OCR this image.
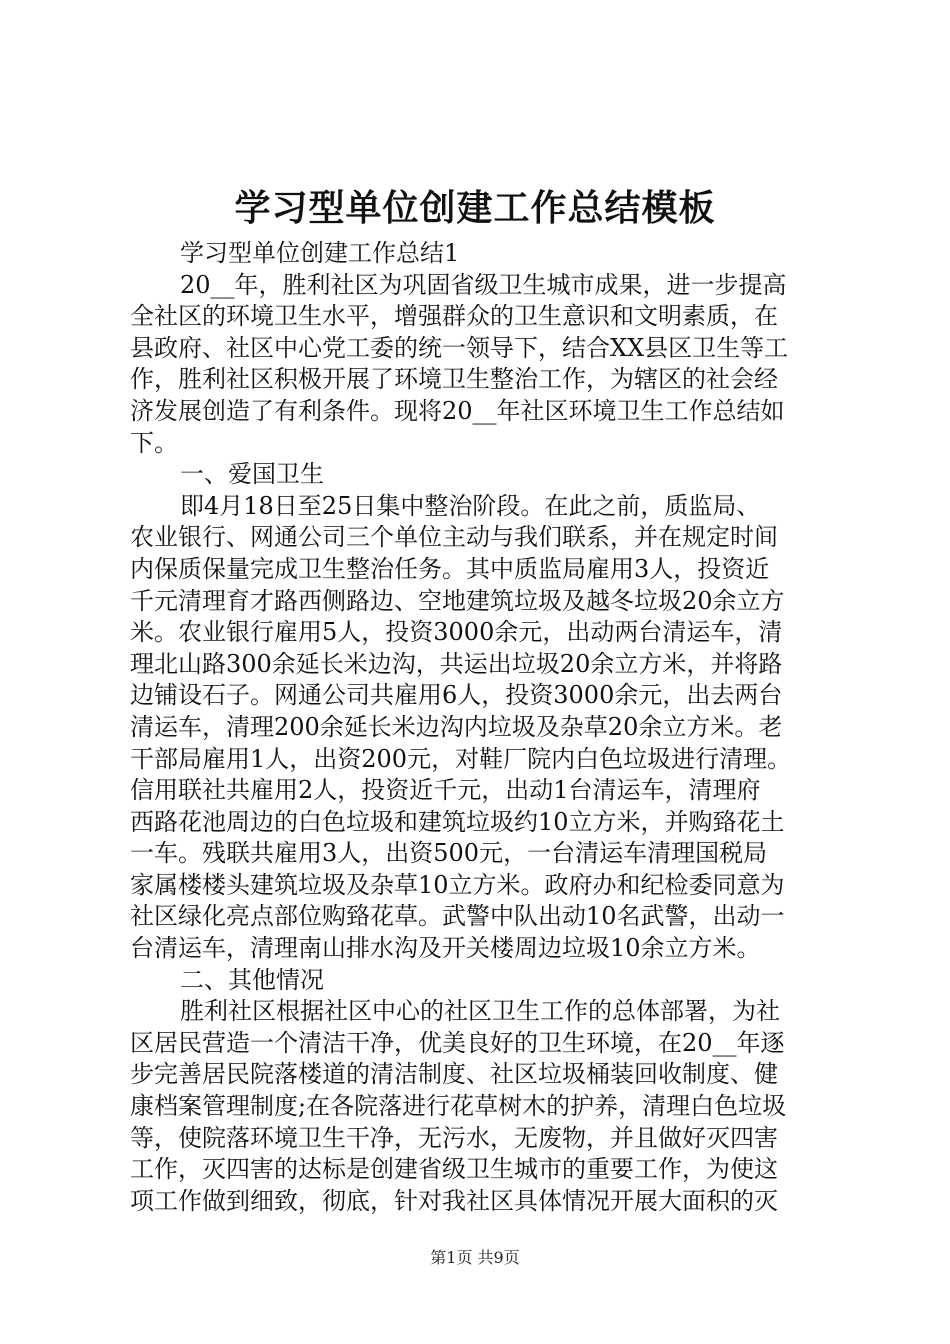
学习型单位创建工作总结模板
学习型单位创建工作总结1
20__年，胜利社区为巩固省级卫生城市成果，进一步提高
全社区的环境卫生水平，增强群众的卫生意识和文明素质，在
县政府、社区中心党工委的统一领导下，结合XX县区卫生等工
作，胜利社区积极开展了环境卫生整治工作，为辖区的社会经
济发展创造了有利条件。现将20__年社区环境卫生工作总结如
下。
一、爱国卫生
即4月18日至25日集中整治阶段。在此之前，质监局、
农业银行、网通公司三个单位主动与我们联系，并在规定时间
内保质保量完成卫生整治任务。其中质监局雇用3人，投资近
千元清理育才路西侧路边、空地建筑垃圾及越冬垃圾20余立方
米。农业银行雇用5人，投资3000余元，出动两台清运车，清
理北山路300余延长米边沟，共运出垃圾20余立方米，并将路
边铺设石子。网通公司共雇用6人，投资3000余元，出去两台
清运车，清理200余延长米边沟内垃圾及杂草20余立方米。老
干部局雇用1人，出资200元，对鞋厂院内白色垃圾进行清理。
信用联社共雇用2人，投资近千元，出动1台清运车，清理府
西路花池周边的白色垃圾和建筑垃圾约10立方米，并购臵花土
一车。残联共雇用3人，出资500元，一台清运车清理国税局
家属楼楼头建筑垃圾及杂草10立方米。政府办和纪检委同意为
社区绿化亮点部位购臵花草。武警中队出动10名武警，出动一
台清运车，清理南山排水沟及开关楼周边垃圾10余立方米。
二、其他情况
胜利社区根据社区中心的社区卫生工作的总体部署，为社
区居民营造一个清洁干净，优美良好的卫生环境，在20__年逐
步完善居民院落楼道的清洁制度、社区垃圾桶装回收制度、健
康档案管理制度;在各院落进行花草树木的护养，清理白色垃圾
等，使院落环境卫生干净，无污水，无废物，并且做好灭四害
工作，灭四害的达标是创建省级卫生城市的重要工作，为使这
项工作做到细致，彻底，针对我社区具体情况开展大面积的灭
第1页 共9页
